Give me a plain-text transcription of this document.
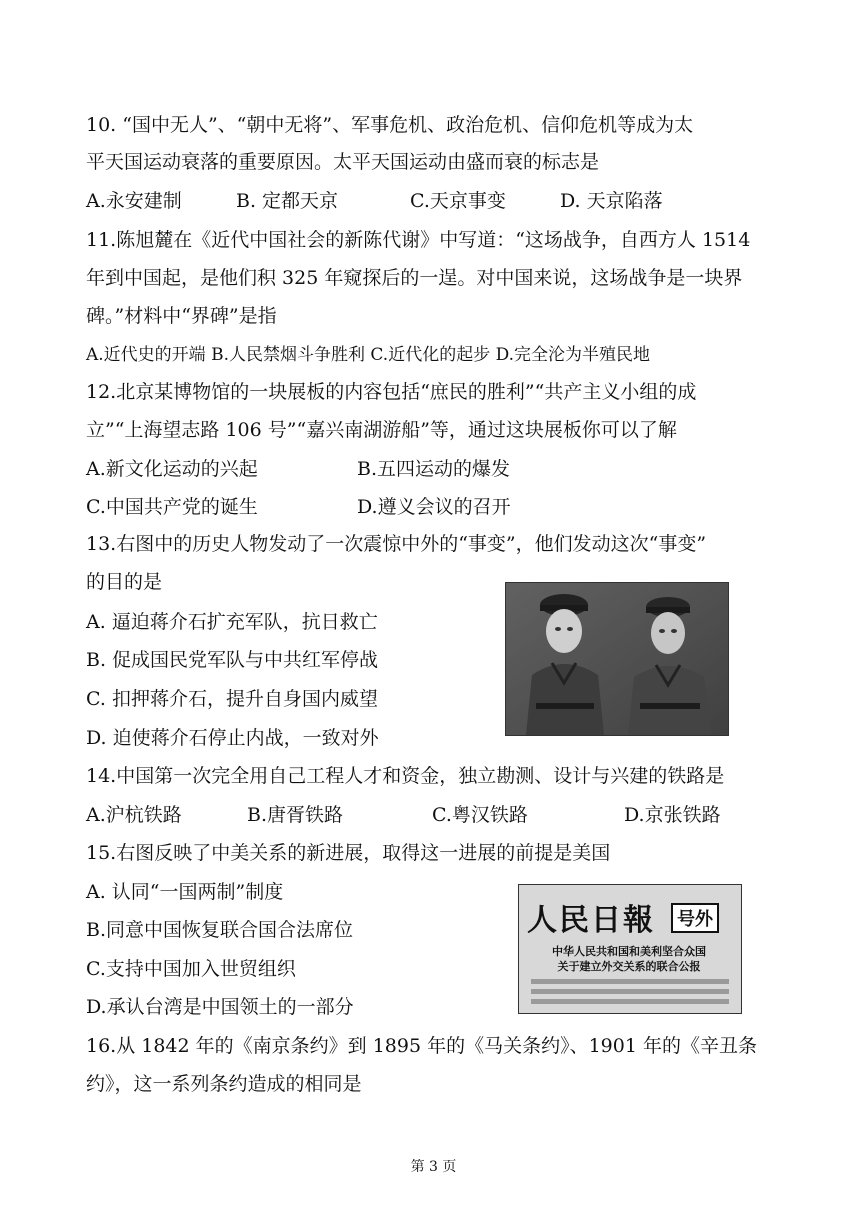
10. “国中无人”、“朝中无将”、军事危机、政治危机、信仰危机等成为太
平天国运动衰落的重要原因。太平天国运动由盛而衰的标志是
A.永安建制	B. 定都天京	C.天京事变	D. 天京陷落
11.陈旭麓在《近代中国社会的新陈代谢》中写道：“这场战争，自西方人 1514
年到中国起，是他们积 325 年窥探后的一逞。对中国来说，这场战争是一块界
碑。”材料中“界碑”是指
A.近代史的开端 B.人民禁烟斗争胜利 C.近代化的起步 D.完全沦为半殖民地
12.北京某博物馆的一块展板的内容包括“庶民的胜利”“共产主义小组的成
立”“上海望志路 106 号”“嘉兴南湖游船”等，通过这块展板你可以了解
A.新文化运动的兴起	B.五四运动的爆发
C.中国共产党的诞生	D.遵义会议的召开
13.右图中的历史人物发动了一次震惊中外的“事变”，他们发动这次“事变”
的目的是
A. 逼迫蒋介石扩充军队，抗日救亡
B. 促成国民党军队与中共红军停战
C. 扣押蒋介石，提升自身国内威望
D. 迫使蒋介石停止内战，一致对外
14.中国第一次完全用自己工程人才和资金，独立勘测、设计与兴建的铁路是
A.沪杭铁路	B.唐胥铁路	C.粤汉铁路	D.京张铁路
15.右图反映了中美关系的新进展，取得这一进展的前提是美国
A. 认同“一国两制”制度
B.同意中国恢复联合国合法席位
C.支持中国加入世贸组织
D.承认台湾是中国领土的一部分
人民日報	号外
中华人民共和国和美利坚合众国
关于建立外交关系的联合公报
16.从 1842 年的《南京条约》到 1895 年的《马关条约》、1901 年的《辛丑条
约》，这一系列条约造成的相同是
第 3 页
